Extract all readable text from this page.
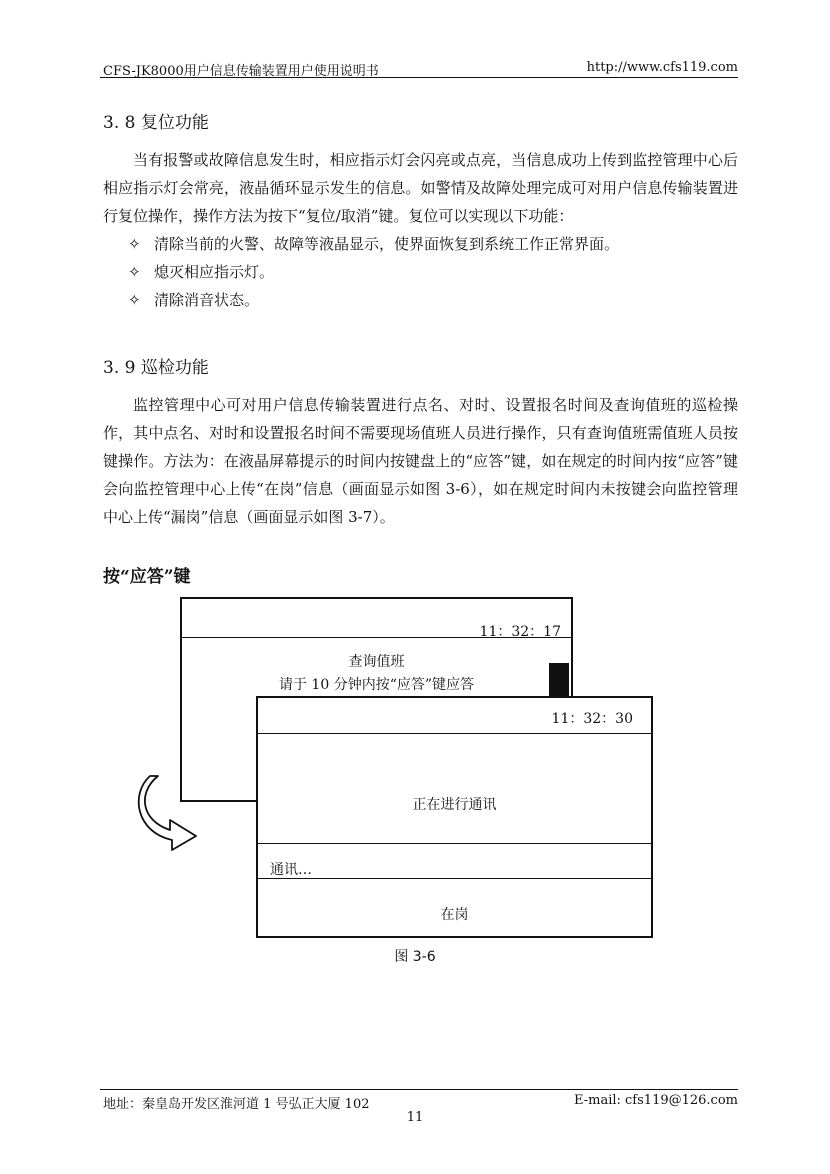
CFS-JK8000用户信息传输装置用户使用说明书	http://www.cfs119.com
3. 8 复位功能
当有报警或故障信息发生时，相应指示灯会闪亮或点亮，当信息成功上传到监控管理中心后相应指示灯会常亮，液晶循环显示发生的信息。如警情及故障处理完成可对用户信息传输装置进行复位操作，操作方法为按下“复位/取消”键。复位可以实现以下功能：
✧ 清除当前的火警、故障等液晶显示，使界面恢复到系统工作正常界面。
✧ 熄灭相应指示灯。
✧ 清除消音状态。
3. 9 巡检功能
监控管理中心可对用户信息传输装置进行点名、对时、设置报名时间及查询值班的巡检操作，其中点名、对时和设置报名时间不需要现场值班人员进行操作，只有查询值班需值班人员按键操作。方法为：在液晶屏幕提示的时间内按键盘上的“应答”键，如在规定的时间内按“应答”键会向监控管理中心上传“在岗”信息（画面显示如图 3-6），如在规定时间内未按键会向监控管理中心上传“漏岗”信息（画面显示如图 3-7）。
按“应答”键
11：32：17
查询值班
请于 10 分钟内按“应答”键应答
11：32：30
正在进行通讯
通讯…
在岗
图 3-6
地址：秦皇岛开发区淮河道 1 号弘正大厦 102	E-mail: cfs119@126.com
11
